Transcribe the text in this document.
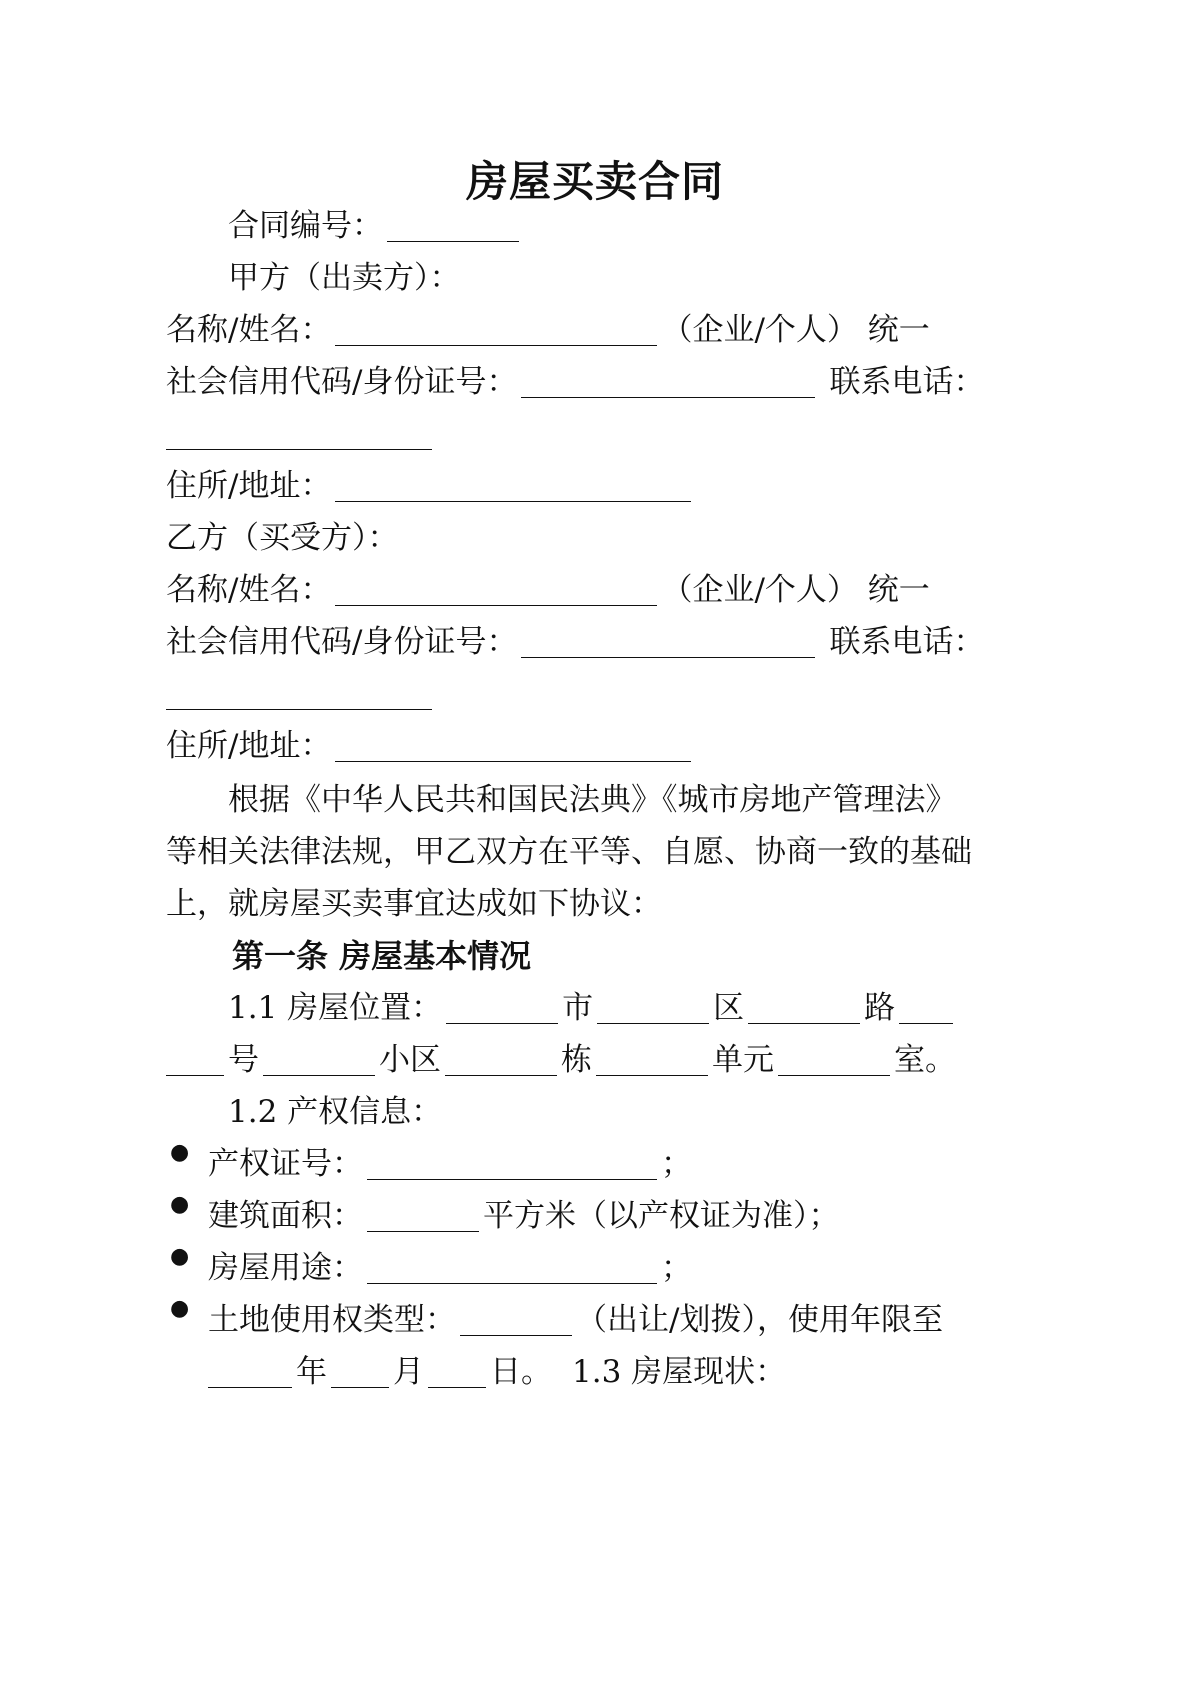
房屋买卖合同
合同编号：
甲方（出卖方）：
名称/姓名：	（企业/个人） 统一
社会信用代码/身份证号：	联系电话：
住所/地址：
乙方（买受方）：
名称/姓名：	（企业/个人） 统一
社会信用代码/身份证号：	联系电话：
住所/地址：
根据《中华人民共和国民法典》《城市房地产管理法》
等相关法律法规，甲乙双方在平等、自愿、协商一致的基础
上，就房屋买卖事宜达成如下协议：
第一条 房屋基本情况
1.1 房屋位置：	市	区	路
号	小区	栋	单元	室。
1.2 产权信息：
● 产权证号：	；
● 建筑面积：	平方米（以产权证为准）；
● 房屋用途：	；
● 土地使用权类型：	（出让/划拨），使用年限至
年 月 日。 1.3 房屋现状：
